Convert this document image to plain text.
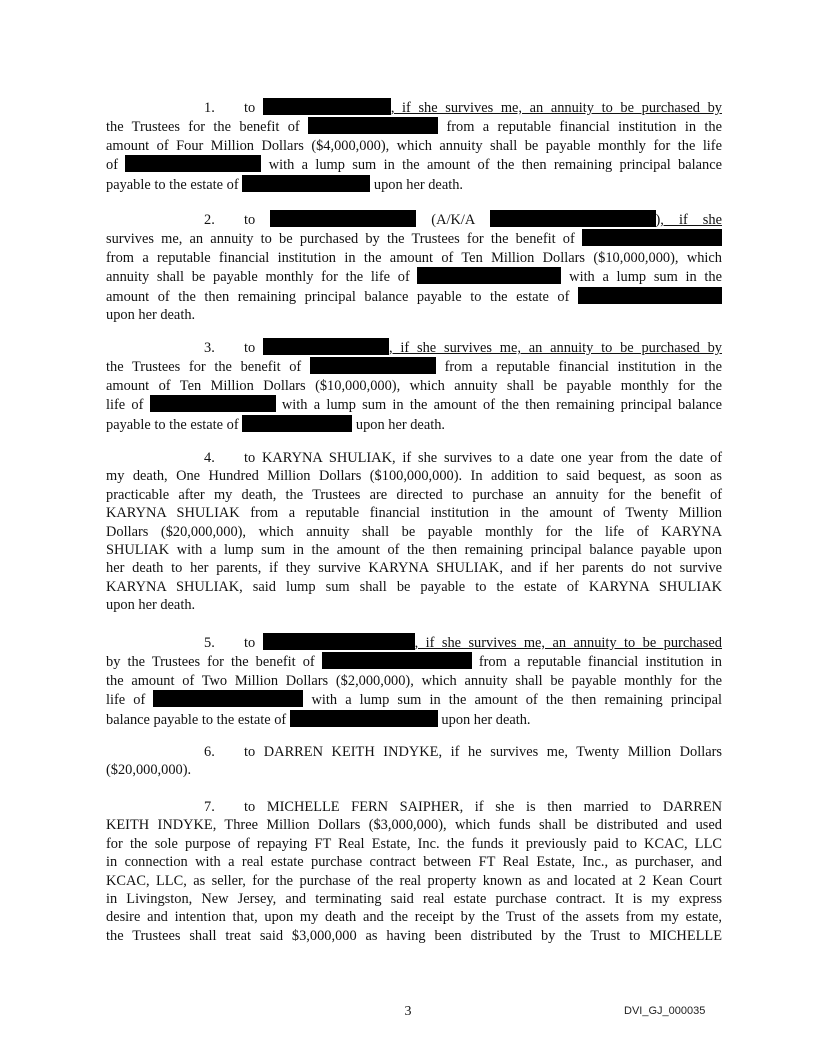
1. to	, if she survives me, an annuity to be purchased by
the Trustees for the benefit of	from a reputable financial institution in the
amount of Four Million Dollars ($4,000,000), which annuity shall be payable monthly for the life
of	with a lump sum in the amount of the then remaining principal balance
payable to the estate of	upon her death.
2. to	(A/K/A	), if she
survives me, an annuity to be purchased by the Trustees for the benefit of
from a reputable financial institution in the amount of Ten Million Dollars ($10,000,000), which
annuity shall be payable monthly for the life of	with a lump sum in the
amount of the then remaining principal balance payable to the estate of
upon her death.
3. to	, if she survives me, an annuity to be purchased by
the Trustees for the benefit of	from a reputable financial institution in the
amount of Ten Million Dollars ($10,000,000), which annuity shall be payable monthly for the
life of	with a lump sum in the amount of the then remaining principal balance
payable to the estate of	upon her death.
4. to KARYNA SHULIAK, if she survives to a date one year from the date of
my death, One Hundred Million Dollars ($100,000,000). In addition to said bequest, as soon as
practicable after my death, the Trustees are directed to purchase an annuity for the benefit of
KARYNA SHULIAK from a reputable financial institution in the amount of Twenty Million
Dollars ($20,000,000), which annuity shall be payable monthly for the life of KARYNA
SHULIAK with a lump sum in the amount of the then remaining principal balance payable upon
her death to her parents, if they survive KARYNA SHULIAK, and if her parents do not survive
KARYNA SHULIAK, said lump sum shall be payable to the estate of KARYNA SHULIAK
upon her death.
5. to	, if she survives me, an annuity to be purchased
by the Trustees for the benefit of	from a reputable financial institution in
the amount of Two Million Dollars ($2,000,000), which annuity shall be payable monthly for the
life of	with a lump sum in the amount of the then remaining principal
balance payable to the estate of	upon her death.
6. to DARREN KEITH INDYKE, if he survives me, Twenty Million Dollars
($20,000,000).
7. to MICHELLE FERN SAIPHER, if she is then married to DARREN
KEITH INDYKE, Three Million Dollars ($3,000,000), which funds shall be distributed and used
for the sole purpose of repaying FT Real Estate, Inc. the funds it previously paid to KCAC, LLC
in connection with a real estate purchase contract between FT Real Estate, Inc., as purchaser, and
KCAC, LLC, as seller, for the purchase of the real property known as and located at 2 Kean Court
in Livingston, New Jersey, and terminating said real estate purchase contract. It is my express
desire and intention that, upon my death and the receipt by the Trust of the assets from my estate,
the Trustees shall treat said $3,000,000 as having been distributed by the Trust to MICHELLE
3	DVI_GJ_000035
